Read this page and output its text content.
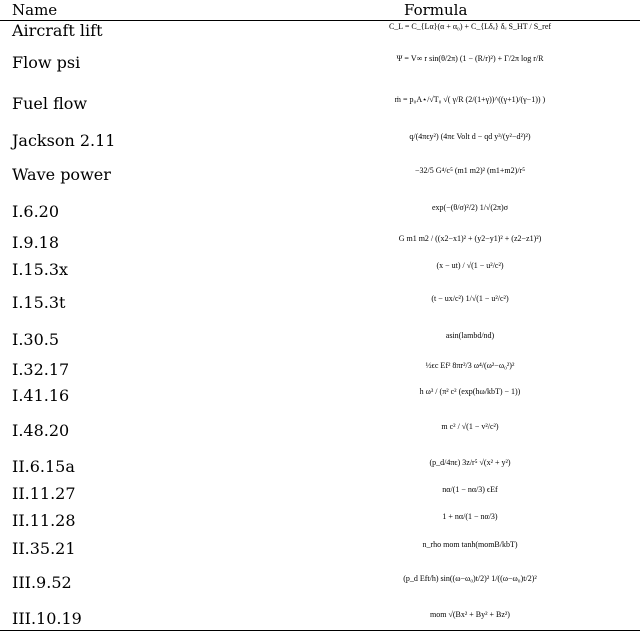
Name	Formula
Aircraft lift	C_L = C_{Lα}(α + α₀) + C_{Lδₑ} δₑ S_HT / S_ref
Flow psi	Ψ = V∞ r sin(θ/2π) (1 − (R/r)²) + Γ/2π log r/R
Fuel flow	ṁ = p₀A⋆/√T₀ √( γ/R (2/(1+γ))^((γ+1)/(γ−1)) )
Jackson 2.11	q/(4πϵy²) (4πϵ Volt d − qd y³/(y²−d²)²)
Wave power	−32/5 G⁴/c⁵ (m1 m2)² (m1+m2)/r⁵
I.6.20	exp(−(θ/σ)²/2) 1/√(2π)σ
I.9.18	G m1 m2 / ((x2−x1)² + (y2−y1)² + (z2−z1)²)
I.15.3x	(x − ut) / √(1 − u²/c²)
I.15.3t	(t − ux/c²) 1/√(1 − u²/c²)
I.30.5	asin(lambd/nd)
I.32.17	½ϵc Ef² 8πr²/3 ω⁴/(ω²−ω₀²)²
I.41.16	h ω³ / (π² c² (exp(hω/kbT) − 1))
I.48.20	m c² / √(1 − v²/c²)
II.6.15a	(p_d/4πϵ) 3z/r⁵ √(x² + y²)
II.11.27	nα/(1 − nα/3) ϵEf
II.11.28	1 + nα/(1 − nα/3)
II.35.21	n_rho mom tanh(momB/kbT)
III.9.52	(p_d Eft/h) sin((ω−ω₀)t/2)² 1/((ω−ω₀)t/2)²
III.10.19	mom √(Bx² + By² + Bz²)
